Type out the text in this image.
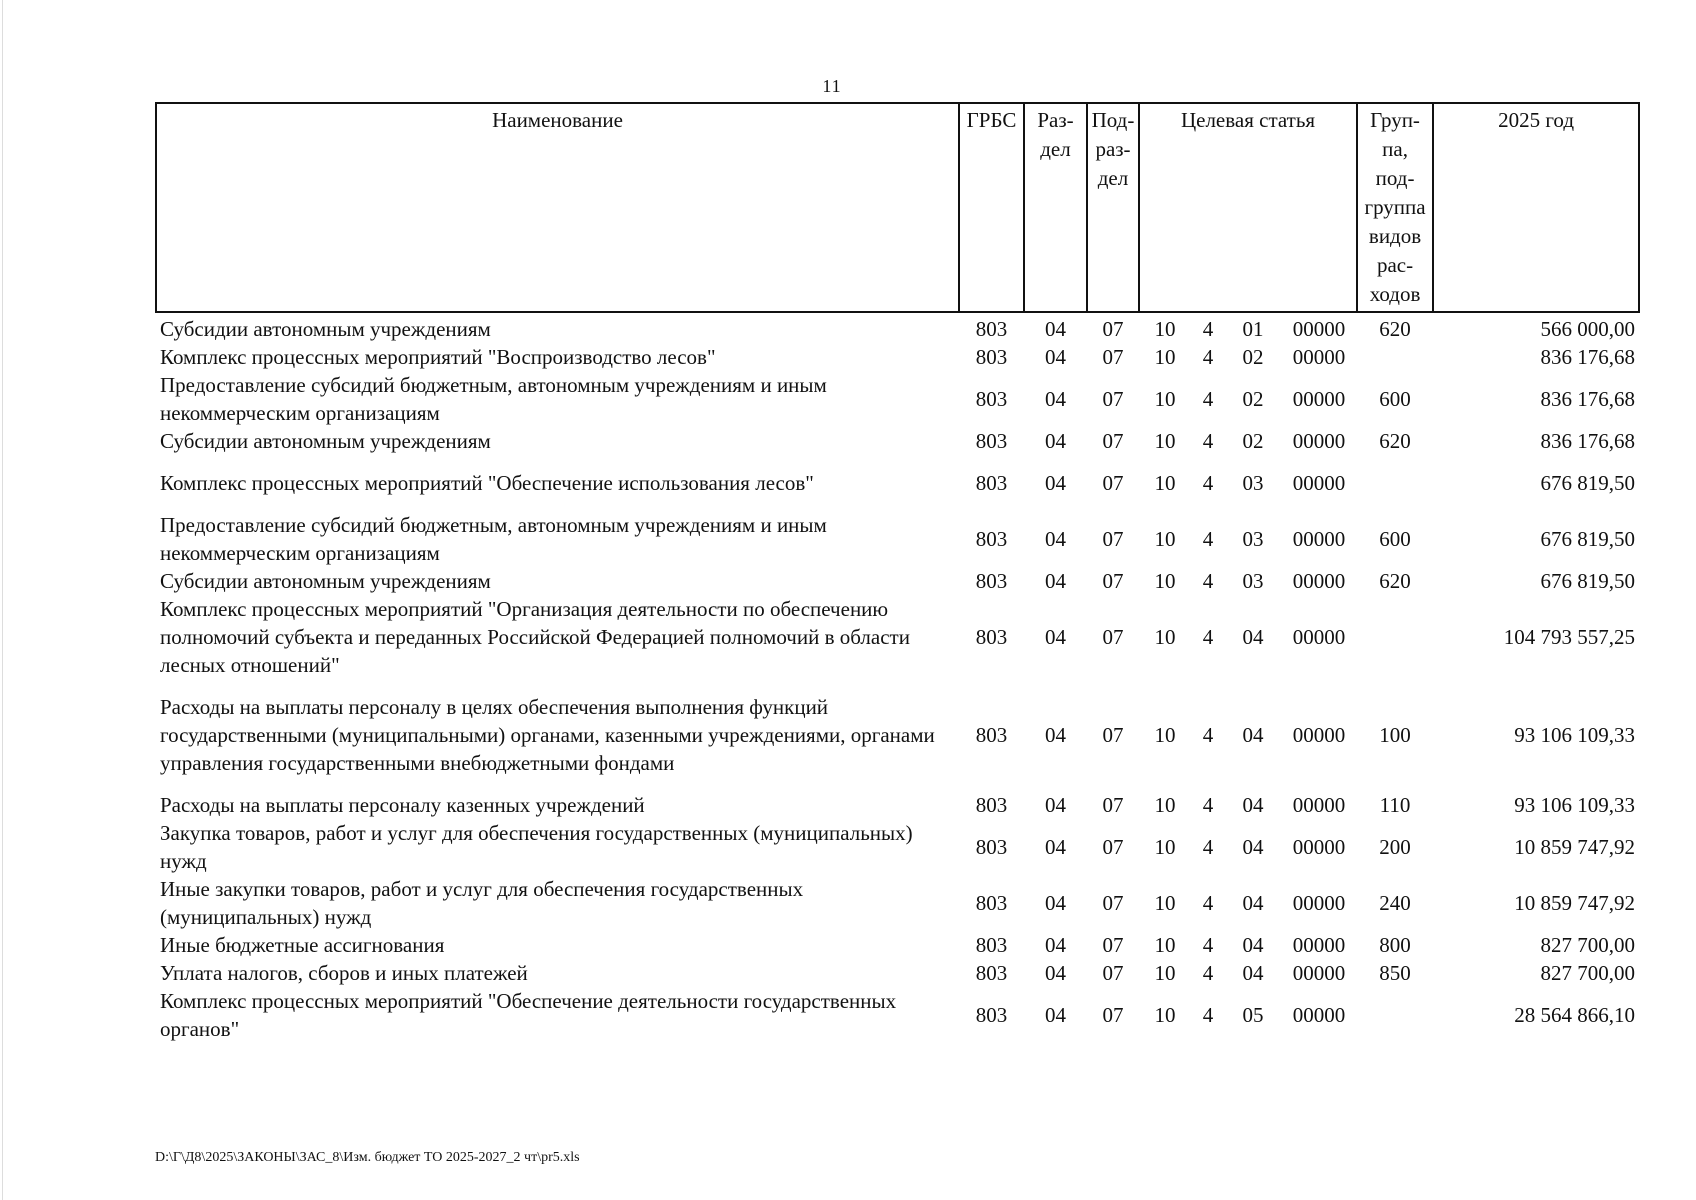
11
Наименование	ГРБС	Раз-дел	Под-раз-дел	Целевая статья				Груп-па, под-группа видов рас-ходов	2025 год
Субсидии автономным учреждениям	803	04	07	10	4	01	00000	620	566 000,00
Комплекс процессных мероприятий "Воспроизводство лесов"	803	04	07	10	4	02	00000		836 176,68
Предоставление субсидий бюджетным, автономным учреждениям и иным некоммерческим организациям	803	04	07	10	4	02	00000	600	836 176,68
Субсидии автономным учреждениям	803	04	07	10	4	02	00000	620	836 176,68
Комплекс процессных мероприятий "Обеспечение использования лесов"	803	04	07	10	4	03	00000		676 819,50
Предоставление субсидий бюджетным, автономным учреждениям и иным некоммерческим организациям	803	04	07	10	4	03	00000	600	676 819,50
Субсидии автономным учреждениям	803	04	07	10	4	03	00000	620	676 819,50
Комплекс процессных мероприятий "Организация деятельности по обеспечению полномочий субъекта и переданных Российской Федерацией полномочий в области лесных отношений"	803	04	07	10	4	04	00000		104 793 557,25
Расходы на выплаты персоналу в целях обеспечения выполнения функций государственными (муниципальными) органами, казенными учреждениями, органами управления государственными внебюджетными фондами	803	04	07	10	4	04	00000	100	93 106 109,33
Расходы на выплаты персоналу казенных учреждений	803	04	07	10	4	04	00000	110	93 106 109,33
Закупка товаров, работ и услуг для обеспечения государственных (муниципальных) нужд	803	04	07	10	4	04	00000	200	10 859 747,92
Иные закупки товаров, работ и услуг для обеспечения государственных (муниципальных) нужд	803	04	07	10	4	04	00000	240	10 859 747,92
Иные бюджетные ассигнования	803	04	07	10	4	04	00000	800	827 700,00
Уплата налогов, сборов и иных платежей	803	04	07	10	4	04	00000	850	827 700,00
Комплекс процессных мероприятий "Обеспечение деятельности государственных органов"	803	04	07	10	4	05	00000		28 564 866,10
D:\Г\Д8\2025\ЗАКОНЫ\ЗАС_8\Изм. бюджет ТО 2025-2027_2 чт\pr5.xls
